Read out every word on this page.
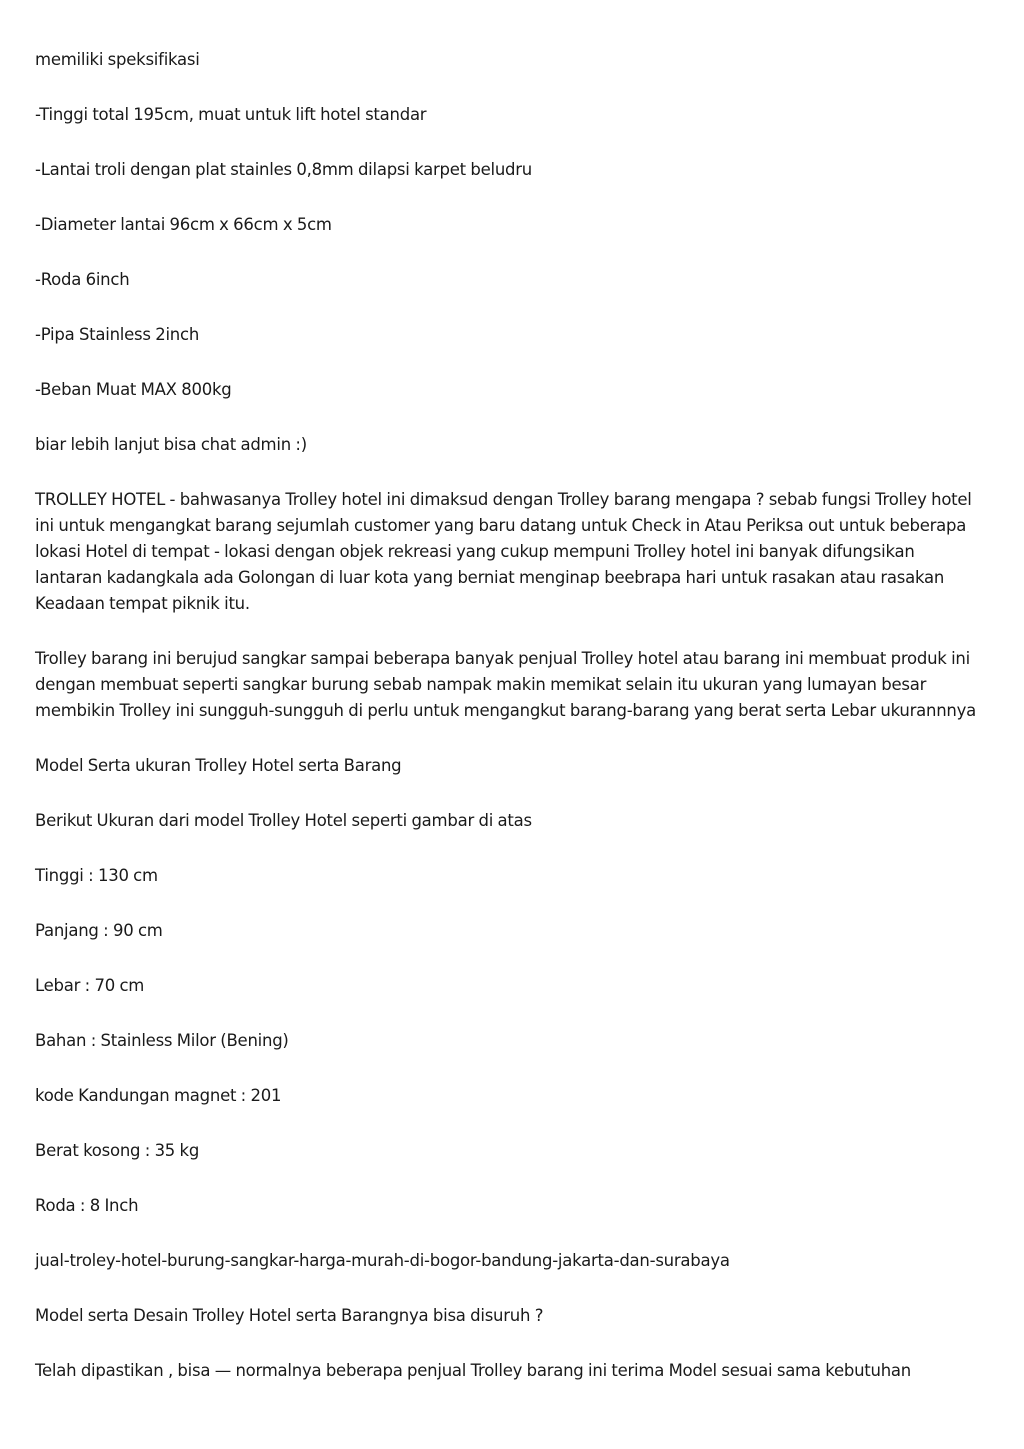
memiliki speksifikasi

-Tinggi total 195cm, muat untuk lift hotel standar

-Lantai troli dengan plat stainles 0,8mm dilapsi karpet beludru

-Diameter lantai 96cm x 66cm x 5cm

-Roda 6inch

-Pipa Stainless 2inch

-Beban Muat MAX 800kg

biar lebih lanjut bisa chat admin :)

TROLLEY HOTEL - bahwasanya Trolley hotel ini dimaksud dengan Trolley barang mengapa ? sebab fungsi Trolley hotel ini untuk mengangkat barang sejumlah customer yang baru datang untuk Check in Atau Periksa out untuk beberapa lokasi Hotel di tempat - lokasi dengan objek rekreasi yang cukup mempuni Trolley hotel ini banyak difungsikan lantaran kadangkala ada Golongan di luar kota yang berniat menginap beebrapa hari untuk rasakan atau rasakan Keadaan tempat piknik itu.

Trolley barang ini berujud sangkar sampai beberapa banyak penjual Trolley hotel atau barang ini membuat produk ini dengan membuat seperti sangkar burung sebab nampak makin memikat selain itu ukuran yang lumayan besar membikin Trolley ini sungguh-sungguh di perlu untuk mengangkut barang-barang yang berat serta Lebar ukurannnya

Model Serta ukuran Trolley Hotel serta Barang

Berikut Ukuran dari model Trolley Hotel seperti gambar di atas

Tinggi : 130 cm

Panjang : 90 cm

Lebar : 70 cm

Bahan : Stainless Milor (Bening)

kode Kandungan magnet : 201

Berat kosong : 35 kg

Roda : 8 Inch

jual-troley-hotel-burung-sangkar-harga-murah-di-bogor-bandung-jakarta-dan-surabaya

Model serta Desain Trolley Hotel serta Barangnya bisa disuruh ?

Telah dipastikan , bisa — normalnya beberapa penjual Trolley barang ini terima Model sesuai sama kebutuhan
